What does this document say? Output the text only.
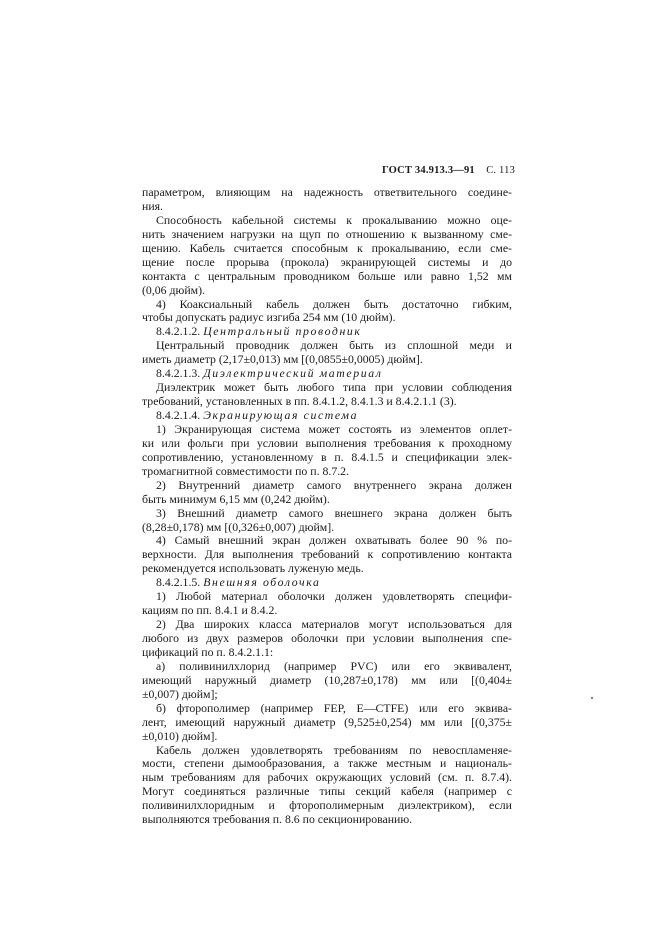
ГОСТ 34.913.3—91 С. 113
параметром, влияющим на надежность ответвительного соедине-
ния.
Способность кабельной системы к прокалыванию можно оце-
нить значением нагрузки на щуп по отношению к вызванному сме-
щению. Кабель считается способным к прокалыванию, если сме-
щение после прорыва (прокола) экранирующей системы и до
контакта с центральным проводником больше или равно 1,52 мм
(0,06 дюйм).
4) Коаксиальный кабель должен быть достаточно гибким,
чтобы допускать радиус изгиба 254 мм (10 дюйм).
8.4.2.1.2. Центральный проводник
Центральный проводник должен быть из сплошной меди и
иметь диаметр (2,17±0,013) мм [(0,0855±0,0005) дюйм].
8.4.2.1.3. Диэлектрический материал
Диэлектрик может быть любого типа при условии соблюдения
требований, установленных в пп. 8.4.1.2, 8.4.1.3 и 8.4.2.1.1 (3).
8.4.2.1.4. Экранирующая система
1) Экранирующая система может состоять из элементов оплет-
ки или фольги при условии выполнения требования к проходному
сопротивлению, установленному в п. 8.4.1.5 и спецификации элек-
тромагнитной совместимости по п. 8.7.2.
2) Внутренний диаметр самого внутреннего экрана должен
быть минимум 6,15 мм (0,242 дюйм).
3) Внешний диаметр самого внешнего экрана должен быть
(8,28±0,178) мм [(0,326±0,007) дюйм].
4) Самый внешний экран должен охватывать более 90 % по-
верхности. Для выполнения требований к сопротивлению контакта
рекомендуется использовать луженую медь.
8.4.2.1.5. Внешняя оболочка
1) Любой материал оболочки должен удовлетворять специфи-
кациям по пп. 8.4.1 и 8.4.2.
2) Два широких класса материалов могут использоваться для
любого из двух размеров оболочки при условии выполнения спе-
цификаций по п. 8.4.2.1.1:
а) поливинилхлорид (например PVC) или его эквивалент,
имеющий наружный диаметр (10,287±0,178) мм или [(0,404±
±0,007) дюйм];
б) фторополимер (например FEP, E—CTFE) или его эквива-
лент, имеющий наружный диаметр (9,525±0,254) мм или [(0,375±
±0,010) дюйм].
Кабель должен удовлетворять требованиям по невоспламеняе-
мости, степени дымообразования, а также местным и националь-
ным требованиям для рабочих окружающих условий (см. п. 8.7.4).
Могут соединяться различные типы секций кабеля (например с
поливинилхлоридным и фторополимерным диэлектриком), если
выполняются требования п. 8.6 по секционированию.
